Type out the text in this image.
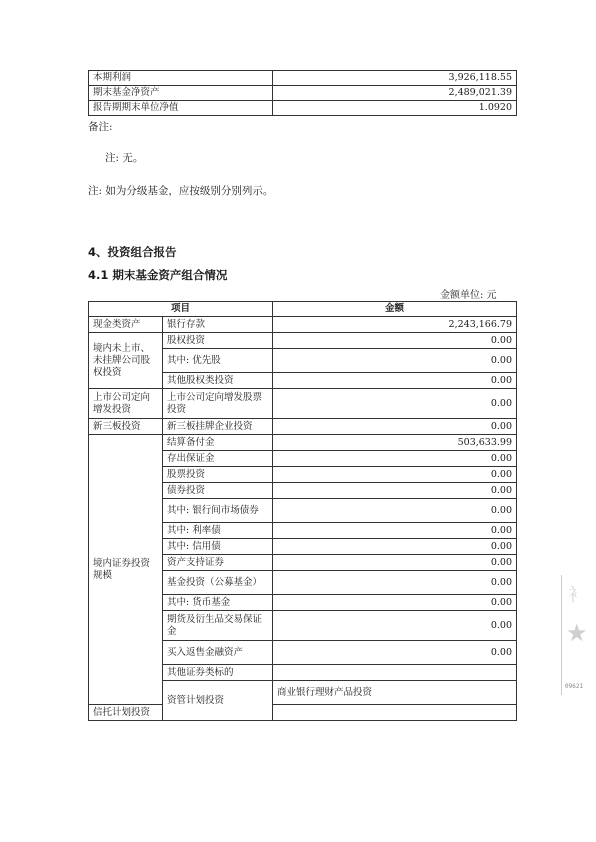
本期利润	3,926,118.55
期末基金净资产	2,489,021.39
报告期期末单位净值	1.0920
备注:
注: 无。
注: 如为分级基金，应按级别分别列示。
4、投资组合报告
4.1 期末基金资产组合情况
金额单位: 元
项目		金额	
现金类资产	银行存款	2,243,166.79	
境内未上市、未挂牌公司股权投资	股权投资	0.00	
	其中: 优先股	0.00	
	其他股权类投资	0.00	
上市公司定向增发投资	上市公司定向增发股票投资	0.00	
新三板投资	新三板挂牌企业投资	0.00	
境内证券投资规模	结算备付金	503,633.99	
	存出保证金	0.00	
	股票投资	0.00	
	债券投资	0.00	
	其中: 银行间市场债券	0.00	
	其中: 利率债	0.00	
	其中: 信用债	0.00	
	资产支持证券	0.00	
	基金投资（公募基金）	0.00	
	其中: 货币基金	0.00	
	期货及衍生品交易保证金	0.00	
	买入返售金融资产	0.00	
	其他证券类标的		
	资管计划投资	商业银行理财产品投资	
信托计划投资			
衤
★
09621
